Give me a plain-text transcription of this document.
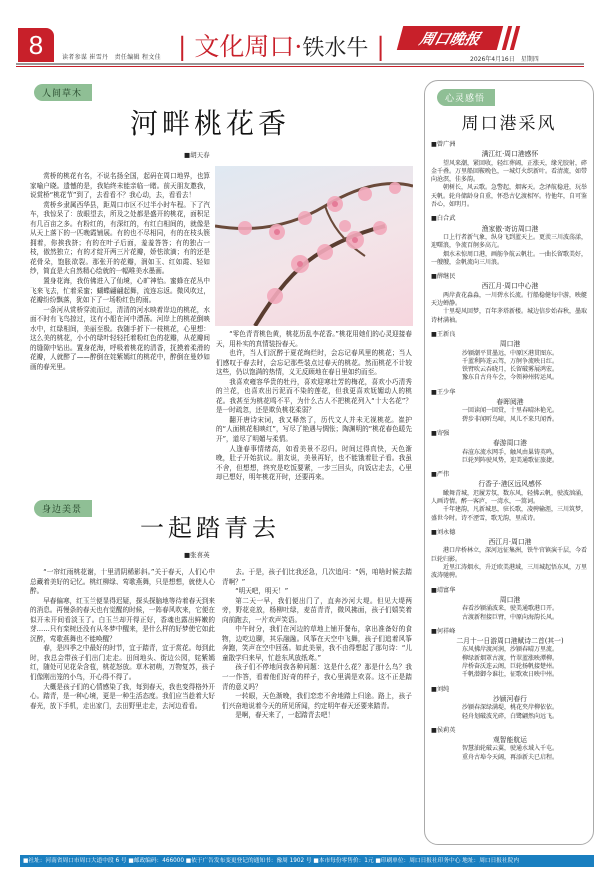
8	读者参谋 崔雪丹　责任编辑 程文佳 | 文化周口·铁水牛 | 周口晚报
2026年4月16日　星期四
人间草木
河畔桃花香
■胡天春

赏桥的桃花有名，不说名扬全国，起码在周口地界，也算家喻户晓。遗憾的是，我始终未能亲临一睹。前天朋友邀我，说赏桥“桃花节”到了，去看看不？我心动，去，看看去！

赏桥乡隶属西华县，距周口市区不过半小时车程。下了汽车，我惊呆了：放眼望去，所及之处都是盛开的桃花，面积足有几百亩之多。有粉红的，有深红的，有红白相间的，就像是从天上落下的一匹晚霞铺展。有的也不尽相同，有的在枝头簇拥着，你挨我挤；有的在叶子后面，羞羞答答；有的独占一枝，傲然独立；有的才绽开两三片花瓣，娇怯欲滴；有的还是花骨朵，饱胀欲裂。那张开的花瓣，润如玉、红如霞、轻如纱，简直是大自然精心绘就的一幅唯美水墨画。

置身花海，我仿佛进入了仙境，心旷神怡。蜜蜂在花丛中飞来飞去，忙着采蜜；蝴蝶翩翩起舞，流连忘返。微风吹过，花瓣纷纷飘落，犹如下了一场粉红色的雨。

一条河从赏桥穿流而过，清清的河水映着岸边的桃花，水面不时有飞鸟掠过，这有小船在河中漂荡。河岸上的桃花倒映水中，红绿相间，美丽至极。我随手折下一枝桃花，心里想：这么美的桃花，小小的绿叶轻轻托着粉红色的花瓣，从花瓣间的缝隙中钻出。置身花海，呼吸着桃花的清香，抚摸着柔滑的花瓣，人就醉了——醉倒在姹紫嫣红的桃花中，醉倒在曼妙如画的春光里。

“零色青青桃色黄，桃花历乱李花香。”桃花用她们的心灵迎接春天，用朴实的真情装扮春天。

也许，当人们沉醉于夏花绚烂时，会忘记春风里的桃花；当人们感叹于春去时，会忘记那些装点过春天的桃花。然而桃花不计较这些，仍以饱满的热情，义无反顾地在春日里如约而至。

我喜欢雍容华贵的牡丹，喜欢迎寒壮芳的梅花，喜欢小巧清秀的兰花，也喜欢出污泥而不染的莲花，但我更喜欢妩媚动人的桃花。我甚至为桃花鸣不平，为什么古人不把桃花列入“十大名花”？是一时疏忽，还是欺负桃花柔弱？

翻开唐诗宋词，我又释然了，历代文人并未无视桃花。崔护的“人面桃花相映红”，写尽了艳遇与惆怅；陶渊明的“桃花春色暖先开”，道尽了明媚与柔情。

人逢春事情绪高，如看美景不忍归。时间过得真快，天色渐晚，肚子开始抗议。朋友说，美景再好，也不能饿着肚子看。我虽不舍，但想想，终究是吃饭要紧，一步三回头，向饭店走去，心里却已想好，明年桃花开时，还要再来。

身边美景
一起踏青去
■张喜英

“一帘红雨桃花谢，十里清阴稀影斜。”关于春天，人们心中总藏着美好的记忆。桃红柳绿、莺歌燕舞，只是想想，就使人心醉。

早春偏寒，红玉兰便显得迟疑，探头探脑地等待着春天到来的消息。再慢条的春天也有觉醒的时候，一阵春风吹来，它便在似开未开间看淡玉了。白玉兰却开得正好，香魂也露出鲜嫩的芽……只有栾树还没有从冬梦中醒来，是什么样的好梦使它如此沉醉，莺歌燕舞也不能唤醒？

春，是四季之中最好的时节，宜于踏青，宜于赏花。每到此时，我总会带孩子们出门走走。田间地头、街边公园，姹紫嫣红，随处可见花朵含苞，桃花怒放。草木初萌，万物复苏，孩子们像刚出笼的小鸟，开心得不得了。

大概是孩子们的心情感染了我，每到春天，我也变得格外开心。踏青，是一种心境，更是一种生活态度。我们应当趁着大好春光，放下手机，走出家门，去田野里走走，去河边看看。

去。于是，孩子们比我还急，几次追问：“妈，咱啥时候去踏青啊？”

“明天吧，明天！”

第二天一早，我们便出门了，直奔沙河大堤。但见大堤两旁，野花竞放，杨柳吐绿，麦苗青青，微风拂面，孩子们嬉笑着向前跑去，一片欢声笑语。

中午时分，我们在河边的草地上铺开餐布，拿出准备好的食物，边吃边聊，其乐融融。风筝在天空中飞舞，孩子们追着风筝奔跑，笑声在空中回荡。如此美景，我不由得想起了那句诗：“儿童散学归来早，忙趁东风放纸鸢。”

孩子们不停地问我各种问题：这是什么花？那是什么鸟？我一一作答，看着他们好奇的样子，我心里满是欢喜。这不正是踏青的意义吗？

一转眼，天色渐晚，我们恋恋不舍地踏上归途。路上，孩子们兴奋地说着今天的所见所闻，约定明年春天还要来踏青。

是啊，春天来了，一起踏青去吧！

心灵感悟
周口港采风
■曾广洲
满江红·周口港感怀
望风来潮，紧回收，轻红葬阔，正涨天，缘光胶射，碎金千叠。万里船回鞍晚色，一城灯火织新叶。看清流，如带向沧溟，佳多韵。
朝树长，风云歌。急警起，烟客天。念泽航稳进，玩举天帆。轮舟储龄身自重，怀恐古亿渡相军。待他年，自可鉴吾心，如明月。
■白合武
渔家傲·寄访周口港
口上行者新气象，纵身飞到蓝天上。更羡三川波荡漾，迎曙浪，争流百舸多高亢。
烟水未惊周口港，画舫争航云帆壮。一曲长留歌美好，一艘艘，金帆流向三川浪。
■薛继民
西江月·周口中心港
两岸黄花淼淼，一川碧水长流。行船稳健每中游，映艇天边蝉静。
十里堤风回梦，百年茅塔新楼。城边信步始春秋，墨取诗材满袖。
■王新良
周口港
沙颍潮平贯墨远，中原区港贯图东。
千蓝利阵连云驾，万舸争流映日红。
铁臂吹云吞晓月，长留破雾展鸿宏。
豫东自古舟车会，今领神州转运风。
■王少华
春晖阅港
一回读闻一回赏，十里春晴沐艳光。
碧步非闻听鸟啼，风儿不来只闻香。
■寄强
春游周口港
春渲东流水网手，触风由巢铸英鸣。
巨轮列阵驶风势，迎美通歌征旅捷。
■严伟
行香子·港区远风感怀
瞰舞青城，迟履芳氛，数东风，轻拂云帆，驶波汹涌，人画诗情。醉一客庐，一湾水，一篙词。
千年建韵，凡新城思，驻长歌，凌骋输涯，三川筑梦，盛世今时。诗不湮雪，歌无韵，里成诗。
■刘永德
西江月·周口港
港口岸桥林立，深河远征集洲，铁牛官镇演千层，今看巨轮归影。
近里江涛烟水，升迁欧美港域，三川城起悟东风，万里波涛驰骋。
■靖富华
周口港
春看沙颍涌波来，驶美通歌港口开。
古渡新程接巨臂，中原向海韵长风。
■何祥峰
二月十一日游周口港赋诗二首(其一)
东风拂岸渡河润，沙颍春晴万里流。
柳绿新烟罩古渡，竹翠蓝涨映潭柳。
岸桥奋沃连云阁，巨轮扬帆接楚州。
千帆潜御今谁壮，征歌欢日映中州。
■刘纯
沙颍河春行
沙颍春深绿满堤，桃花夹岸柳依依。
轻舟划破波光碎，白鹭翩然向远飞。
■侯莉英
观智能航运
智慧油轮破云翼，驶通水域入千屯。
重舟古埠今天阔，再添新夫已启程。
■社址：河南省周口市周口大道中段 6 号 ■邮政编码：466000 ■依于广告发布变更登记的通知书：豫周 1902 号 ■本市每份零售价：1元 ■印刷单位：周口日报社印务中心 地址：周口日报社院内
